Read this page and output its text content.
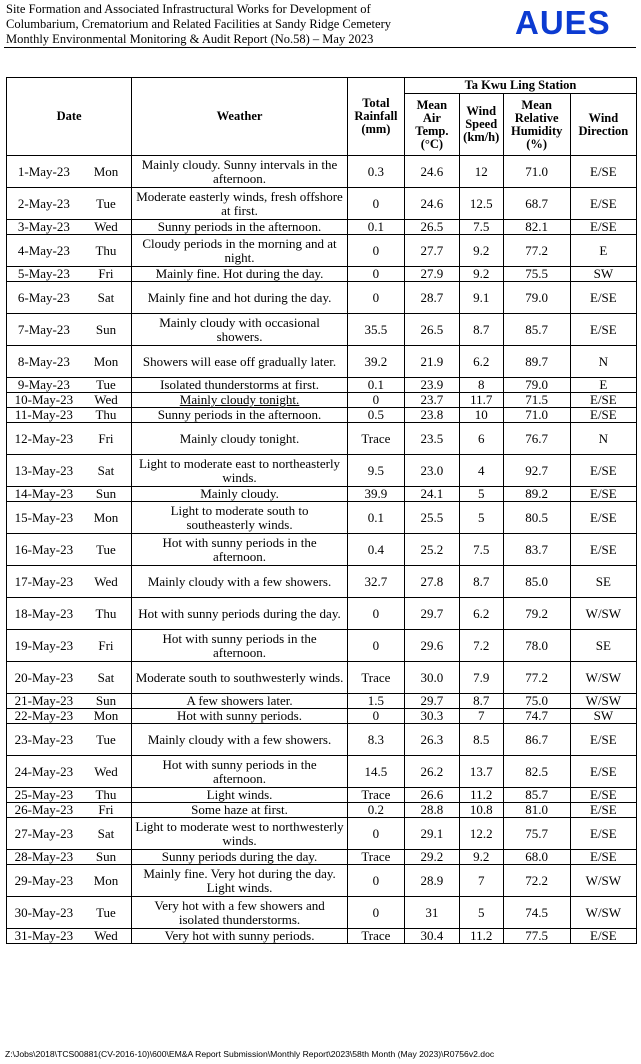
Site Formation and Associated Infrastructural Works for Development of
Columbarium, Crematorium and Related Facilities at Sandy Ridge Cemetery
Monthly Environmental Monitoring & Audit Report (No.58) – May 2023	AUES
Date		Weather	Total Rainfall (mm)	Ta Kwu Ling Station			
				Mean Air Temp. (°C)	Wind Speed (km/h)	Mean Relative Humidity (%)	Wind Direction
1-May-23	Mon	Mainly cloudy. Sunny intervals in the afternoon.	0.3	24.6	12	71.0	E/SE
2-May-23	Tue	Moderate easterly winds, fresh offshore at first.	0	24.6	12.5	68.7	E/SE
3-May-23	Wed	Sunny periods in the afternoon.	0.1	26.5	7.5	82.1	E/SE
4-May-23	Thu	Cloudy periods in the morning and at night.	0	27.7	9.2	77.2	E
5-May-23	Fri	Mainly fine. Hot during the day.	0	27.9	9.2	75.5	SW
6-May-23	Sat	Mainly fine and hot during the day.	0	28.7	9.1	79.0	E/SE
7-May-23	Sun	Mainly cloudy with occasional showers.	35.5	26.5	8.7	85.7	E/SE
8-May-23	Mon	Showers will ease off gradually later.	39.2	21.9	6.2	89.7	N
9-May-23	Tue	Isolated thunderstorms at first.	0.1	23.9	8	79.0	E
10-May-23	Wed	Mainly cloudy tonight.	0	23.7	11.7	71.5	E/SE
11-May-23	Thu	Sunny periods in the afternoon.	0.5	23.8	10	71.0	E/SE
12-May-23	Fri	Mainly cloudy tonight.	Trace	23.5	6	76.7	N
13-May-23	Sat	Light to moderate east to northeasterly winds.	9.5	23.0	4	92.7	E/SE
14-May-23	Sun	Mainly cloudy.	39.9	24.1	5	89.2	E/SE
15-May-23	Mon	Light to moderate south to southeasterly winds.	0.1	25.5	5	80.5	E/SE
16-May-23	Tue	Hot with sunny periods in the afternoon.	0.4	25.2	7.5	83.7	E/SE
17-May-23	Wed	Mainly cloudy with a few showers.	32.7	27.8	8.7	85.0	SE
18-May-23	Thu	Hot with sunny periods during the day.	0	29.7	6.2	79.2	W/SW
19-May-23	Fri	Hot with sunny periods in the afternoon.	0	29.6	7.2	78.0	SE
20-May-23	Sat	Moderate south to southwesterly winds.	Trace	30.0	7.9	77.2	W/SW
21-May-23	Sun	A few showers later.	1.5	29.7	8.7	75.0	W/SW
22-May-23	Mon	Hot with sunny periods.	0	30.3	7	74.7	SW
23-May-23	Tue	Mainly cloudy with a few showers.	8.3	26.3	8.5	86.7	E/SE
24-May-23	Wed	Hot with sunny periods in the afternoon.	14.5	26.2	13.7	82.5	E/SE
25-May-23	Thu	Light winds.	Trace	26.6	11.2	85.7	E/SE
26-May-23	Fri	Some haze at first.	0.2	28.8	10.8	81.0	E/SE
27-May-23	Sat	Light to moderate west to northwesterly winds.	0	29.1	12.2	75.7	E/SE
28-May-23	Sun	Sunny periods during the day.	Trace	29.2	9.2	68.0	E/SE
29-May-23	Mon	Mainly fine. Very hot during the day. Light winds.	0	28.9	7	72.2	W/SW
30-May-23	Tue	Very hot with a few showers and isolated thunderstorms.	0	31	5	74.5	W/SW
31-May-23	Wed	Very hot with sunny periods.	Trace	30.4	11.2	77.5	E/SE
Z:\Jobs\2018\TCS00881(CV-2016-10)\600\EM&A Report Submission\Monthly Report\2023\58th Month (May 2023)\R0756v2.doc
